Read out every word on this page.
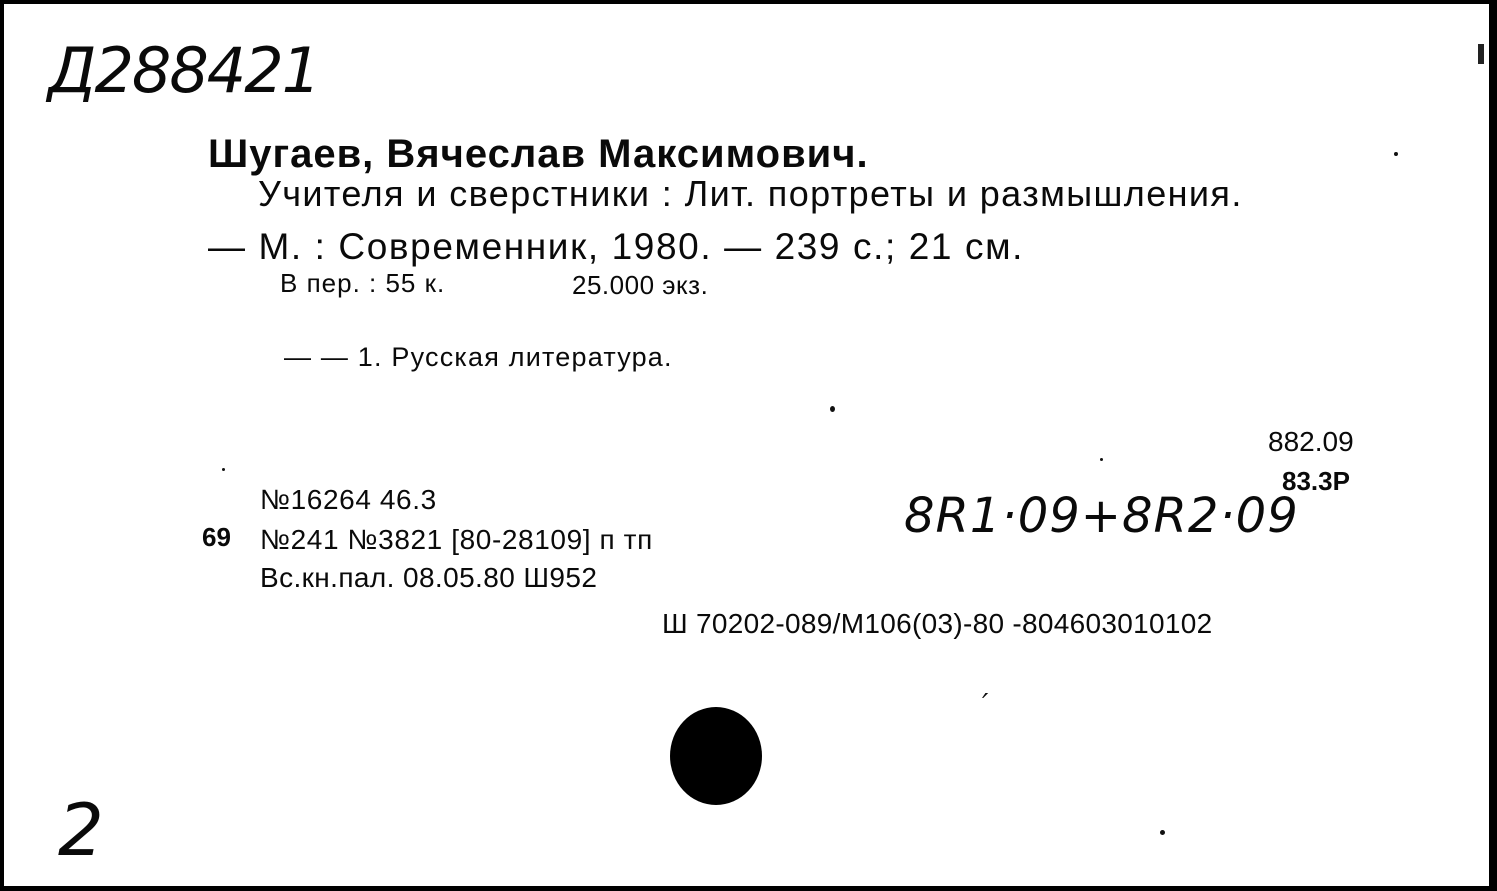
Д288421
Шугаев, Вячеслав Максимович.
Учителя и сверстники : Лит. портреты и размышления.
— М. : Современник, 1980. — 239 с.; 21 см.
В пер. : 55 к.	25.000 экз.
— — 1. Русская литература.
882.09
83.3Р
№16264 46.3
69 №241 №3821 [80-28109] п тп
Вс.кн.пал. 08.05.80 Ш952
8R1·09+8R2·09
Ш 70202-089/М106(03)-80 -804603010102
′
2
